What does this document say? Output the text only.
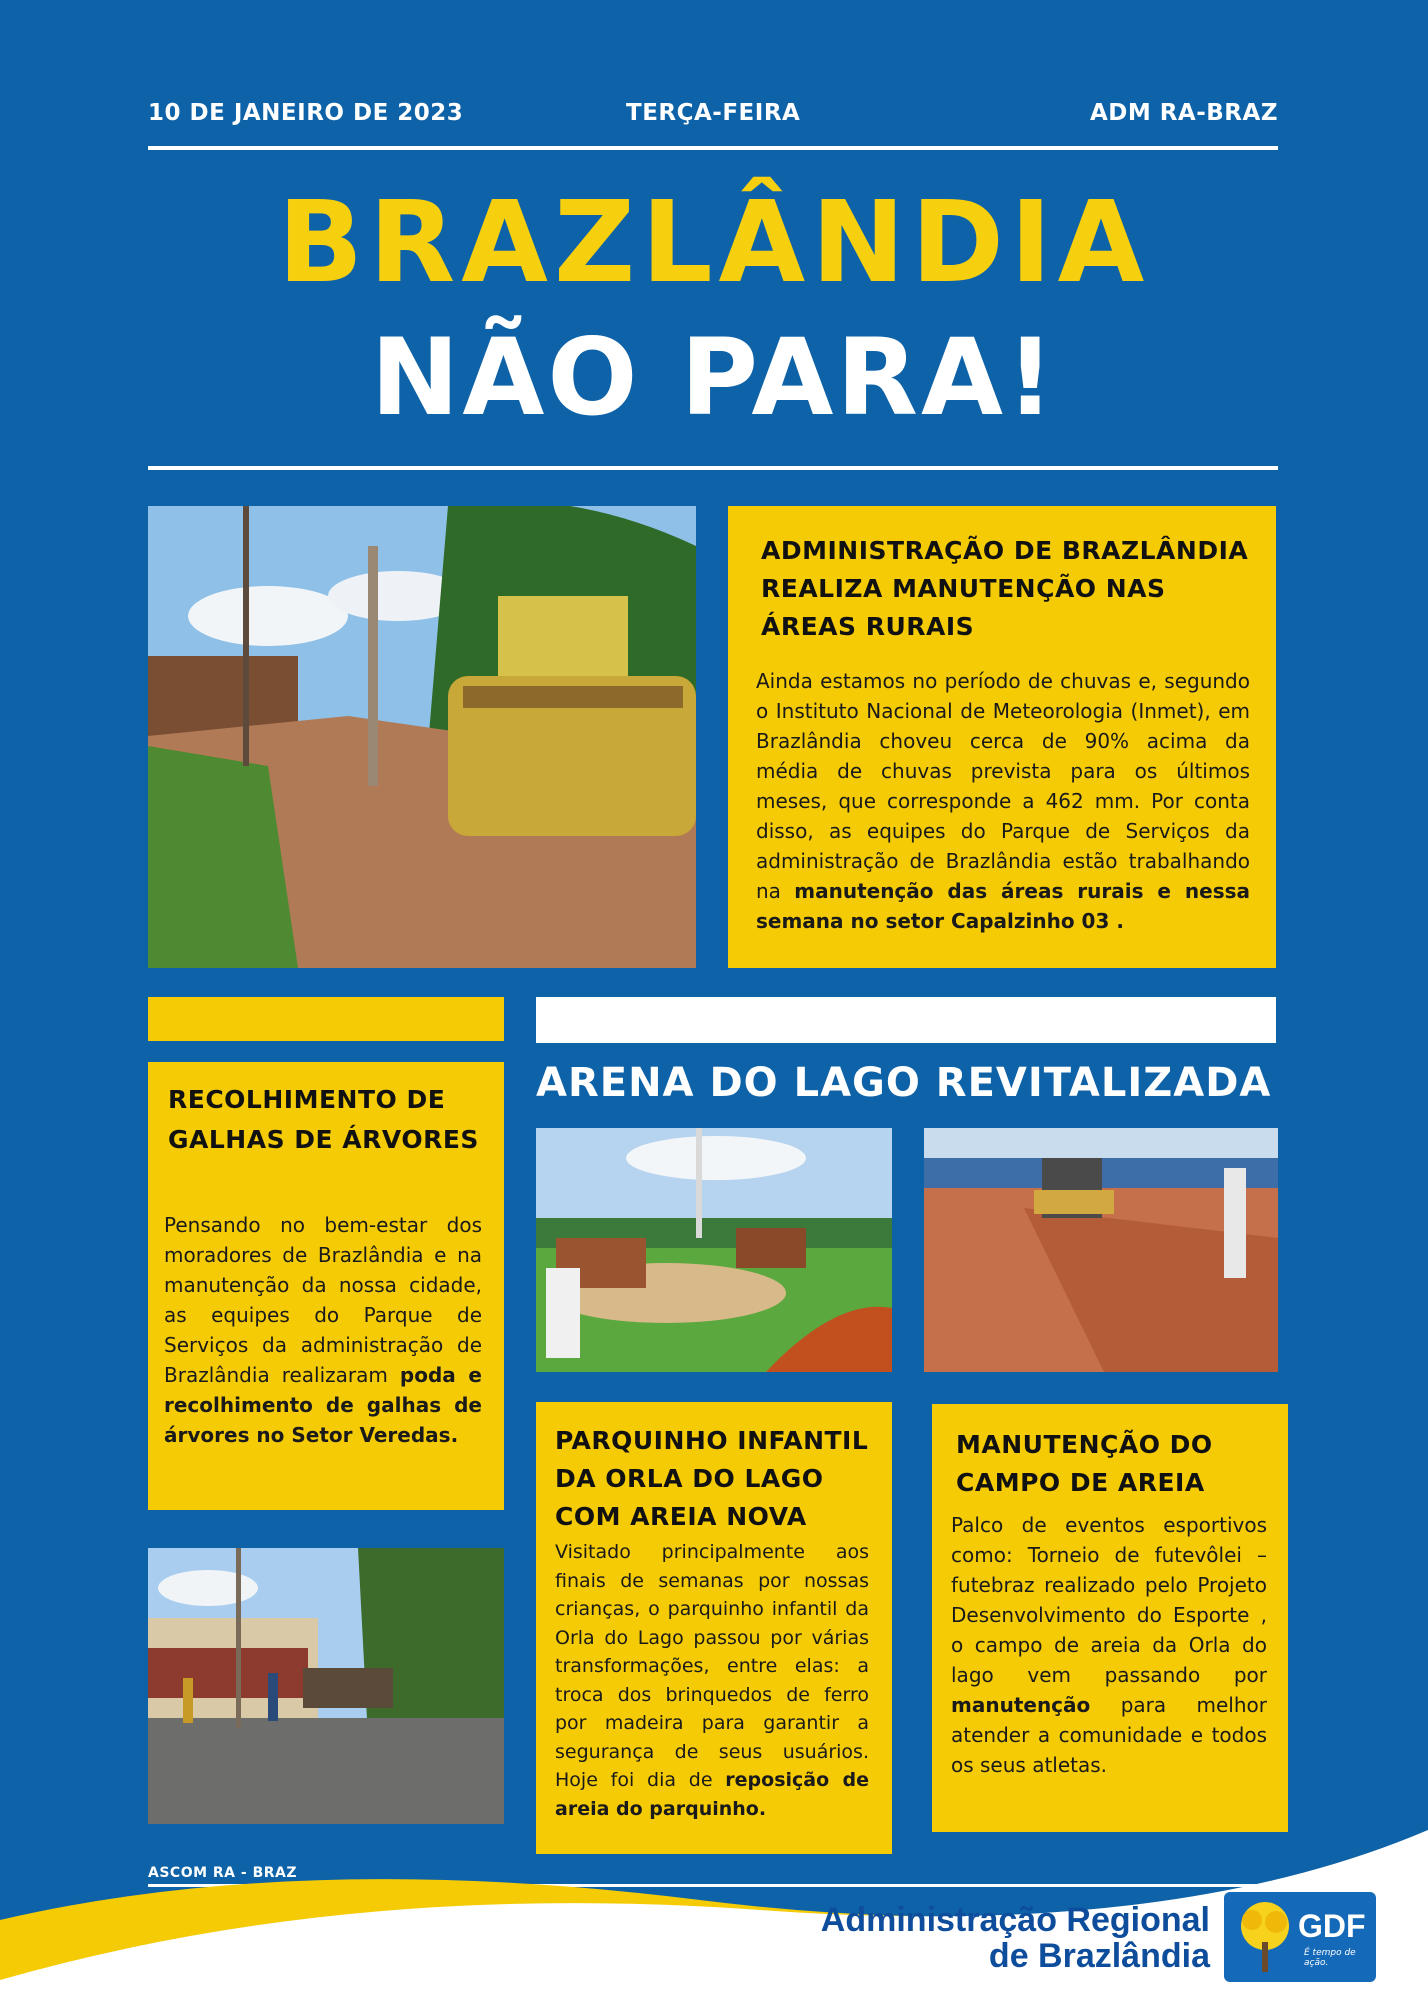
10 DE JANEIRO DE 2023	TERÇA-FEIRA	ADM RA-BRAZ
BRAZLÂNDIA
NÃO PARA!
ADMINISTRAÇÃO DE BRAZLÂNDIA REALIZA MANUTENÇÃO NAS ÁREAS RURAIS
Ainda estamos no período de chuvas e, segundo o Instituto Nacional de Meteorologia (Inmet), em Brazlândia choveu cerca de 90% acima da média de chuvas prevista para os últimos meses, que corresponde a 462 mm. Por conta disso, as equipes do Parque de Serviços da administração de Brazlândia estão trabalhando na manutenção das áreas rurais e nessa semana no setor Capalzinho 03 .
RECOLHIMENTO DE GALHAS DE ÁRVORES
Pensando no bem-estar dos moradores de Brazlândia e na manutenção da nossa cidade, as equipes do Parque de Serviços da administração de Brazlândia realizaram poda e recolhimento de galhas de árvores no Setor Veredas.
ARENA DO LAGO REVITALIZADA
PARQUINHO INFANTIL DA ORLA DO LAGO COM AREIA NOVA
Visitado principalmente aos finais de semanas por nossas crianças, o parquinho infantil da Orla do Lago passou por várias transformações, entre elas: a troca dos brinquedos de ferro por madeira para garantir a segurança de seus usuários. Hoje foi dia de reposição de areia do parquinho.
MANUTENÇÃO DO CAMPO DE AREIA
Palco de eventos esportivos como: Torneio de futevôlei – futebraz realizado pelo Projeto Desenvolvimento do Esporte , o campo de areia da Orla do lago vem passando por manutenção para melhor atender a comunidade e todos os seus atletas.
ASCOM RA - BRAZ
Administração Regional
de Brazlândia
GDF
É tempo de ação.
